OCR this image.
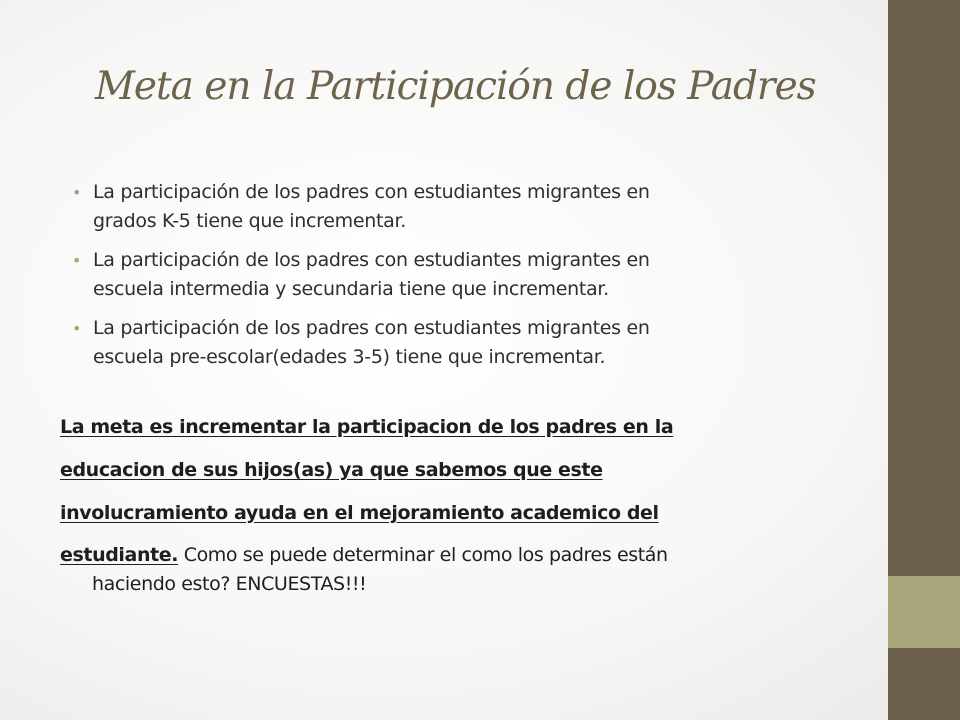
Meta en la Participación de los Padres
• La participación de los padres con estudiantes migrantes en
grados K-5 tiene que incrementar.
• La participación de los padres con estudiantes migrantes en
escuela intermedia y secundaria tiene que incrementar.
• La participación de los padres con estudiantes migrantes en
escuela pre-escolar(edades 3-5) tiene que incrementar.
La meta es incrementar la participacion de los padres en la
educacion de sus hijos(as) ya que sabemos que este
involucramiento ayuda en el mejoramiento academico del
estudiante. Como se puede determinar el como los padres están
haciendo esto? ENCUESTAS!!!
